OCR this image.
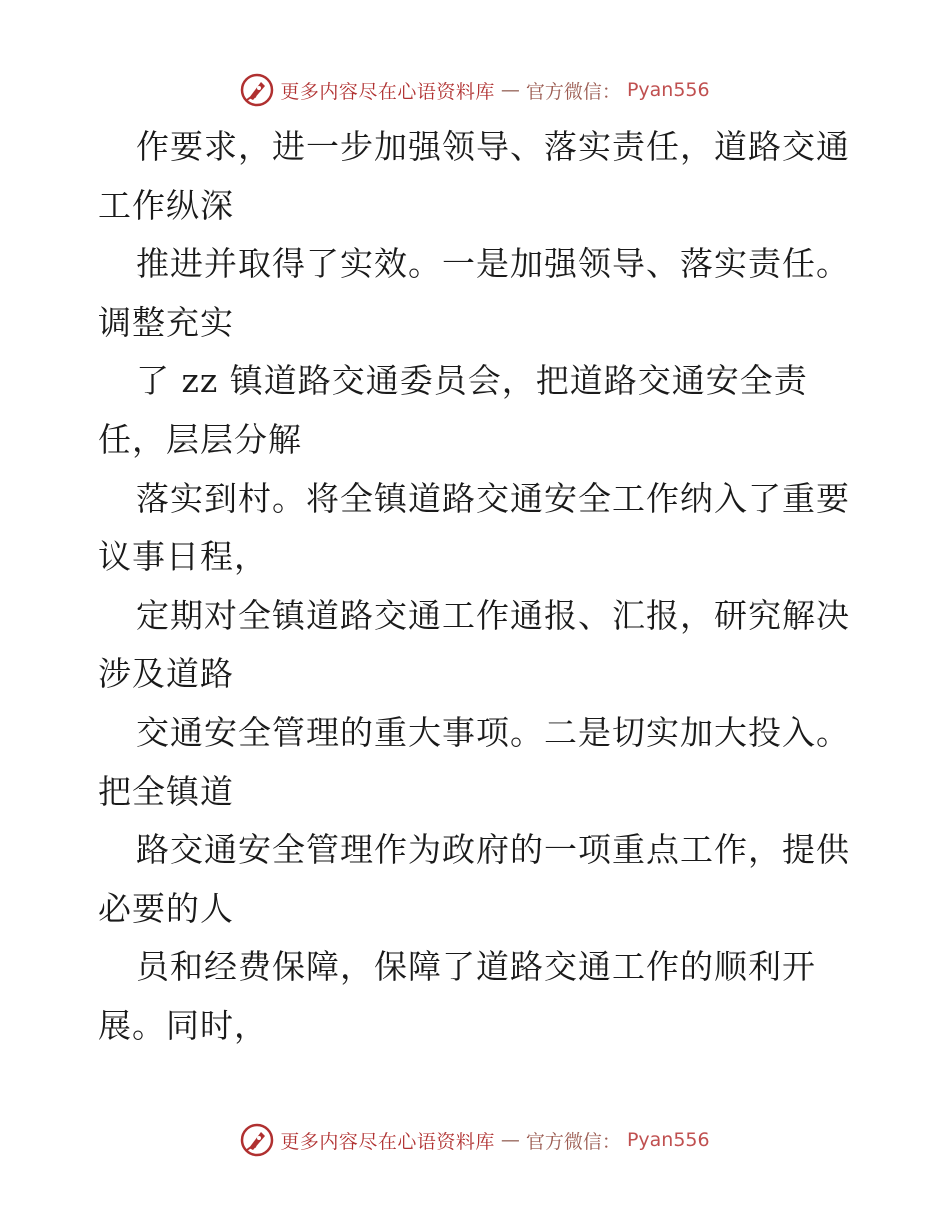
更多内容尽在心语资料库 — 官方微信： Pyan556
作要求，进一步加强领导、落实责任，道路交通
工作纵深
推进并取得了实效。一是加强领导、落实责任。
调整充实
了 zz 镇道路交通委员会，把道路交通安全责
任，层层分解
落实到村。将全镇道路交通安全工作纳入了重要
议事日程，
定期对全镇道路交通工作通报、汇报，研究解决
涉及道路
交通安全管理的重大事项。二是切实加大投入。
把全镇道
路交通安全管理作为政府的一项重点工作，提供
必要的人
员和经费保障，保障了道路交通工作的顺利开
展。同时，
更多内容尽在心语资料库 — 官方微信： Pyan556
